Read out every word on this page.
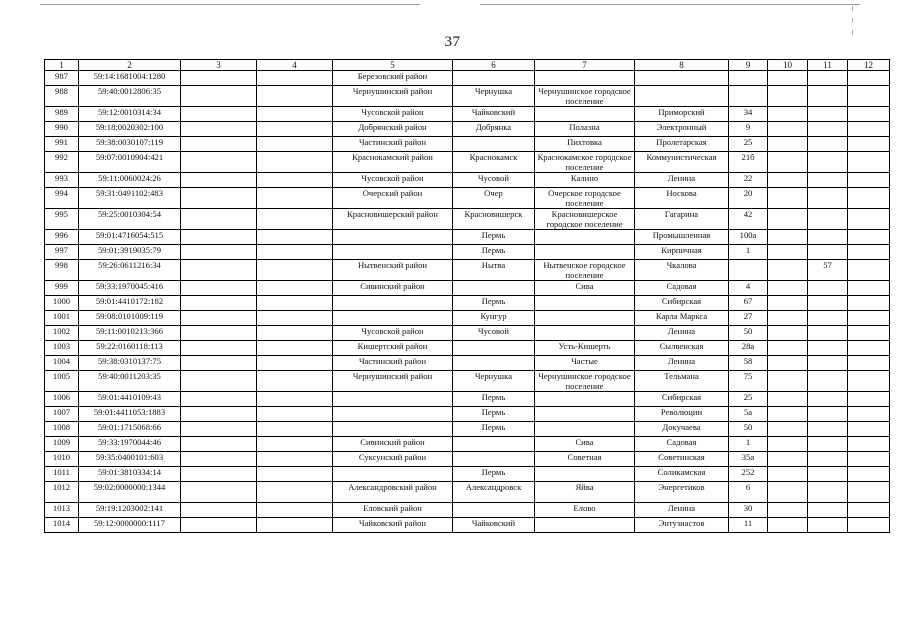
37
1	2	3	4	5	6	7	8	9	10	11	12
987	59:14:1681004:1280			Березовский район							
988	59:40:0012806:35			Чернушинский район	Чернушка	Чернушинское городское поселение					
989	59:12:0010314:34			Чусовской район	Чайковский		Приморский	34			
990	59:18:0020302:100			Добрянский район	Добрянка	Полазна	Электронный	9			
991	59:38:0030107:119			Частинский район		Пихтовка	Пролетарская	25			
992	59:07:0010904:421			Краснокамский район	Краснокамск	Краснокамское городское поселение	Коммунистическая	21б			
993	59:11:0060024:26			Чусовской район	Чусовой	Калино	Ленина	22			
994	59:31:0491102:483			Очерский район	Очер	Очерское городское поселение	Носкова	20			
995	59:25:0010304:54			Красновишерский район	Красновишерск	Красновишерское городское поселение	Гагарина	42			
996	59:01:4716054:515				Пермь		Промышленная	100а			
997	59:01:3919035:79				Пермь		Кирпичная	1			
998	59:26:0611216:34			Нытвенский район	Нытва	Нытвенское городское поселение	Чкалова			57	
999	59:33:1970045:416			Сивинский район		Сива	Садовая	4			
1000	59:01:4410172:182				Пермь		Сибирская	67			
1001	59:08:0101009:119				Кунгур		Карла Маркса	27			
1002	59:11:0010213:366			Чусовской район	Чусовой		Ленина	50			
1003	59:22:0160118:113			Кишертский район		Усть-Кишерть	Сылвенская	28а			
1004	59:38:0310137:75			Частинский район		Частые	Ленина	58			
1005	59:40:0011203:35			Чернушинский район	Чернушка	Чернушинское городское поселение	Тельмана	75			
1006	59:01:4410109:43				Пермь		Сибирская	25			
1007	59:01:4411053:1883				Пермь		Революции	5а			
1008	59:01:1715068:66				Пермь		Докучаева	50			
1009	59:33:1970044:46			Сивинский район		Сива	Садовая	1			
1010	59:35:0400101:603			Суксунский район		Советная	Советинская	35а			
1011	59:01:3810334:14				Пермь		Соликамская	252			
1012	59:02:0000000:1344			Александровский район	Александровск	Яйва	Энергетиков	6			
1013	59:19:1203002:141			Еловский район		Елово	Ленина	30			
1014	59:12:0000000:1117			Чайковский район	Чайковский		Энтузиастов	11			
